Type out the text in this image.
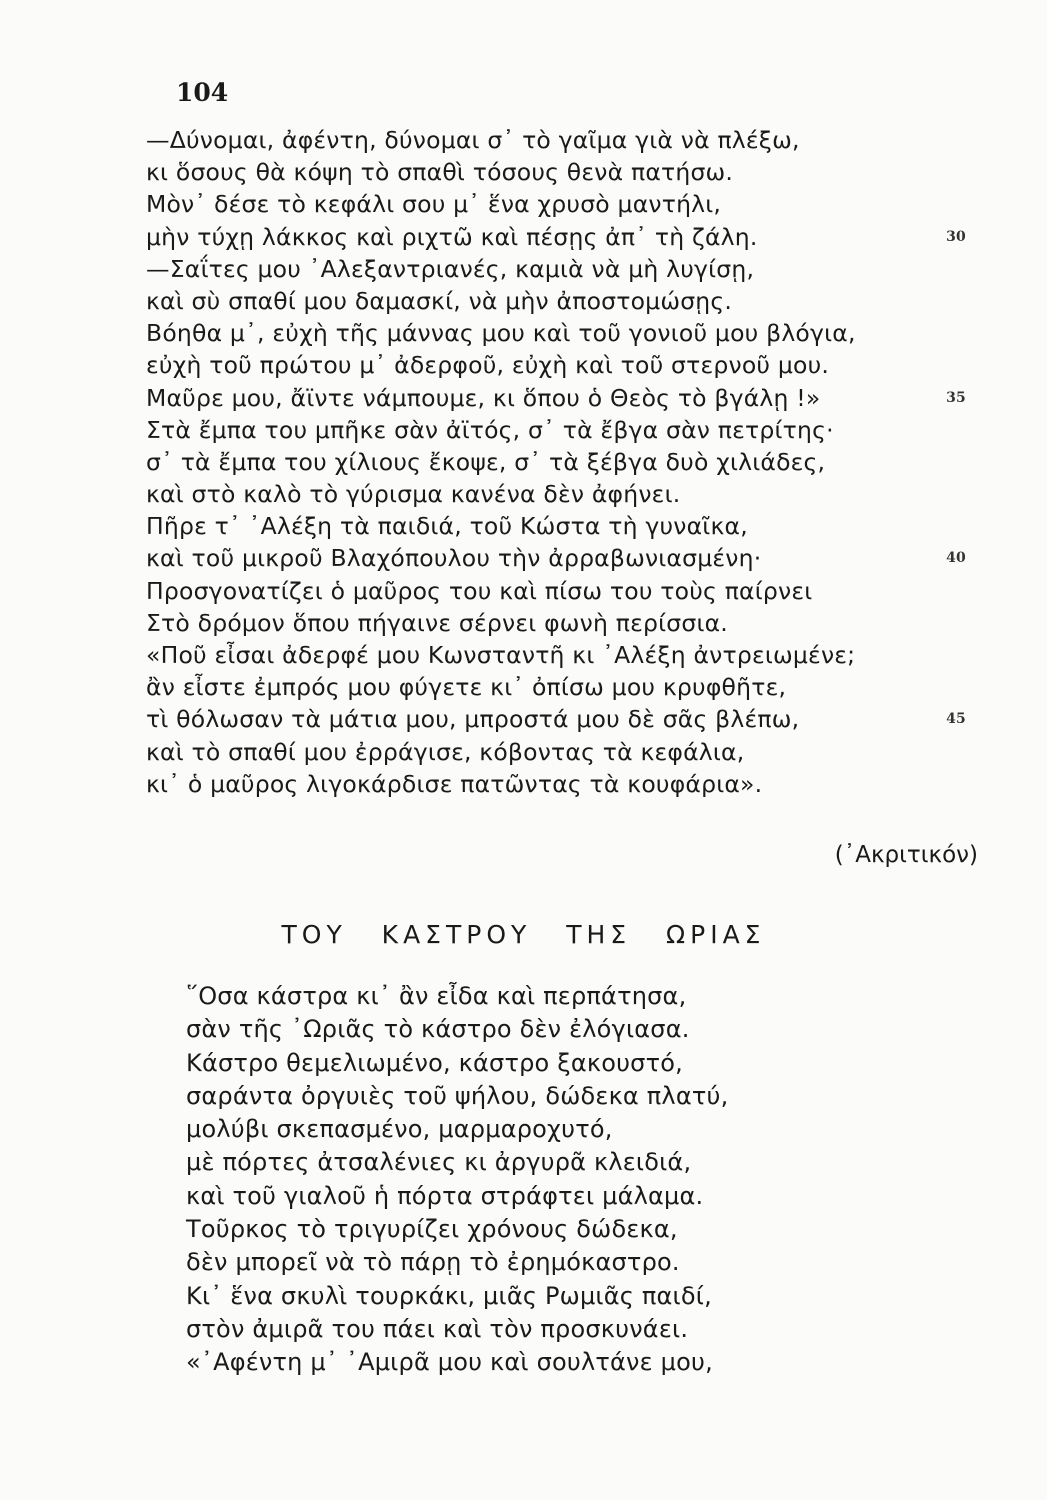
104
—Δύνομαι, ἀφέντη, δύνομαι σ᾿ τὸ γαῖμα γιὰ νὰ πλέξω,
κι ὅσους θὰ κόψη τὸ σπαθὶ τόσους θενὰ πατήσω.
Μὸν᾿ δέσε τὸ κεφάλι σου μ᾿ ἕνα χρυσὸ μαντήλι,
μὴν τύχῃ λάκκος καὶ ριχτῶ καὶ πέσῃς ἀπ᾿ τὴ ζάλη.	30
—Σαΐτες μου ᾿Αλεξαντριανές, καμιὰ νὰ μὴ λυγίσῃ,
καὶ σὺ σπαθί μου δαμασκί, νὰ μὴν ἀποστομώσῃς.
Βόηθα μ᾿, εὐχὴ τῆς μάννας μου καὶ τοῦ γονιοῦ μου βλόγια,
εὐχὴ τοῦ πρώτου μ᾿ ἀδερφοῦ, εὐχὴ καὶ τοῦ στερνοῦ μου.
Μαῦρε μου, ἄϊντε νάμπουμε, κι ὅπου ὁ Θεὸς τὸ βγάλῃ !»	35
Στὰ ἔμπα του μπῆκε σὰν ἀϊτός, σ᾿ τὰ ἔβγα σὰν πετρίτης·
σ᾿ τὰ ἔμπα του χίλιους ἔκοψε, σ᾿ τὰ ξέβγα δυὸ χιλιάδες,
καὶ στὸ καλὸ τὸ γύρισμα κανένα δὲν ἀφήνει.
Πῆρε τ᾿ ᾿Αλέξη τὰ παιδιά, τοῦ Κώστα τὴ γυναῖκα,
καὶ τοῦ μικροῦ Βλαχόπουλου τὴν ἀρραβωνιασμένη·	40
Προσγονατίζει ὁ μαῦρος του καὶ πίσω του τοὺς παίρνει
Στὸ δρόμον ὅπου πήγαινε σέρνει φωνὴ περίσσια.
«Ποῦ εἶσαι ἀδερφέ μου Κωνσταντῆ κι ᾿Αλέξη ἀντρειωμένε;
ἂν εἶστε ἐμπρός μου φύγετε κι᾿ ὀπίσω μου κρυφθῆτε,
τὶ θόλωσαν τὰ μάτια μου, μπροστά μου δὲ σᾶς βλέπω,	45
καὶ τὸ σπαθί μου ἐρράγισε, κόβοντας τὰ κεφάλια,
κι᾿ ὁ μαῦρος λιγοκάρδισε πατῶντας τὰ κουφάρια».
(᾿Ακριτικόν)
ΤΟΥ ΚΑΣΤΡΟΥ ΤΗΣ ΩΡΙΑΣ
῞Οσα κάστρα κι᾿ ἂν εἶδα καὶ περπάτησα,
σὰν τῆς ᾿Ωριᾶς τὸ κάστρο δὲν ἐλόγιασα.
Κάστρο θεμελιωμένο, κάστρο ξακουστό,
σαράντα ὀργυιὲς τοῦ ψήλου, δώδεκα πλατύ,
μολύβι σκεπασμένο, μαρμαροχυτό,
μὲ πόρτες ἀτσαλένιες κι ἀργυρᾶ κλειδιά,
καὶ τοῦ γιαλοῦ ἡ πόρτα στράφτει μάλαμα.
Τοῦρκος τὸ τριγυρίζει χρόνους δώδεκα,
δὲν μπορεῖ νὰ τὸ πάρῃ τὸ ἐρημόκαστρο.
Κι᾿ ἕνα σκυλὶ τουρκάκι, μιᾶς Ρωμιᾶς παιδί,
στὸν ἀμιρᾶ του πάει καὶ τὸν προσκυνάει.
«᾿Αφέντη μ᾿ ᾿Αμιρᾶ μου καὶ σουλτάνε μου,
